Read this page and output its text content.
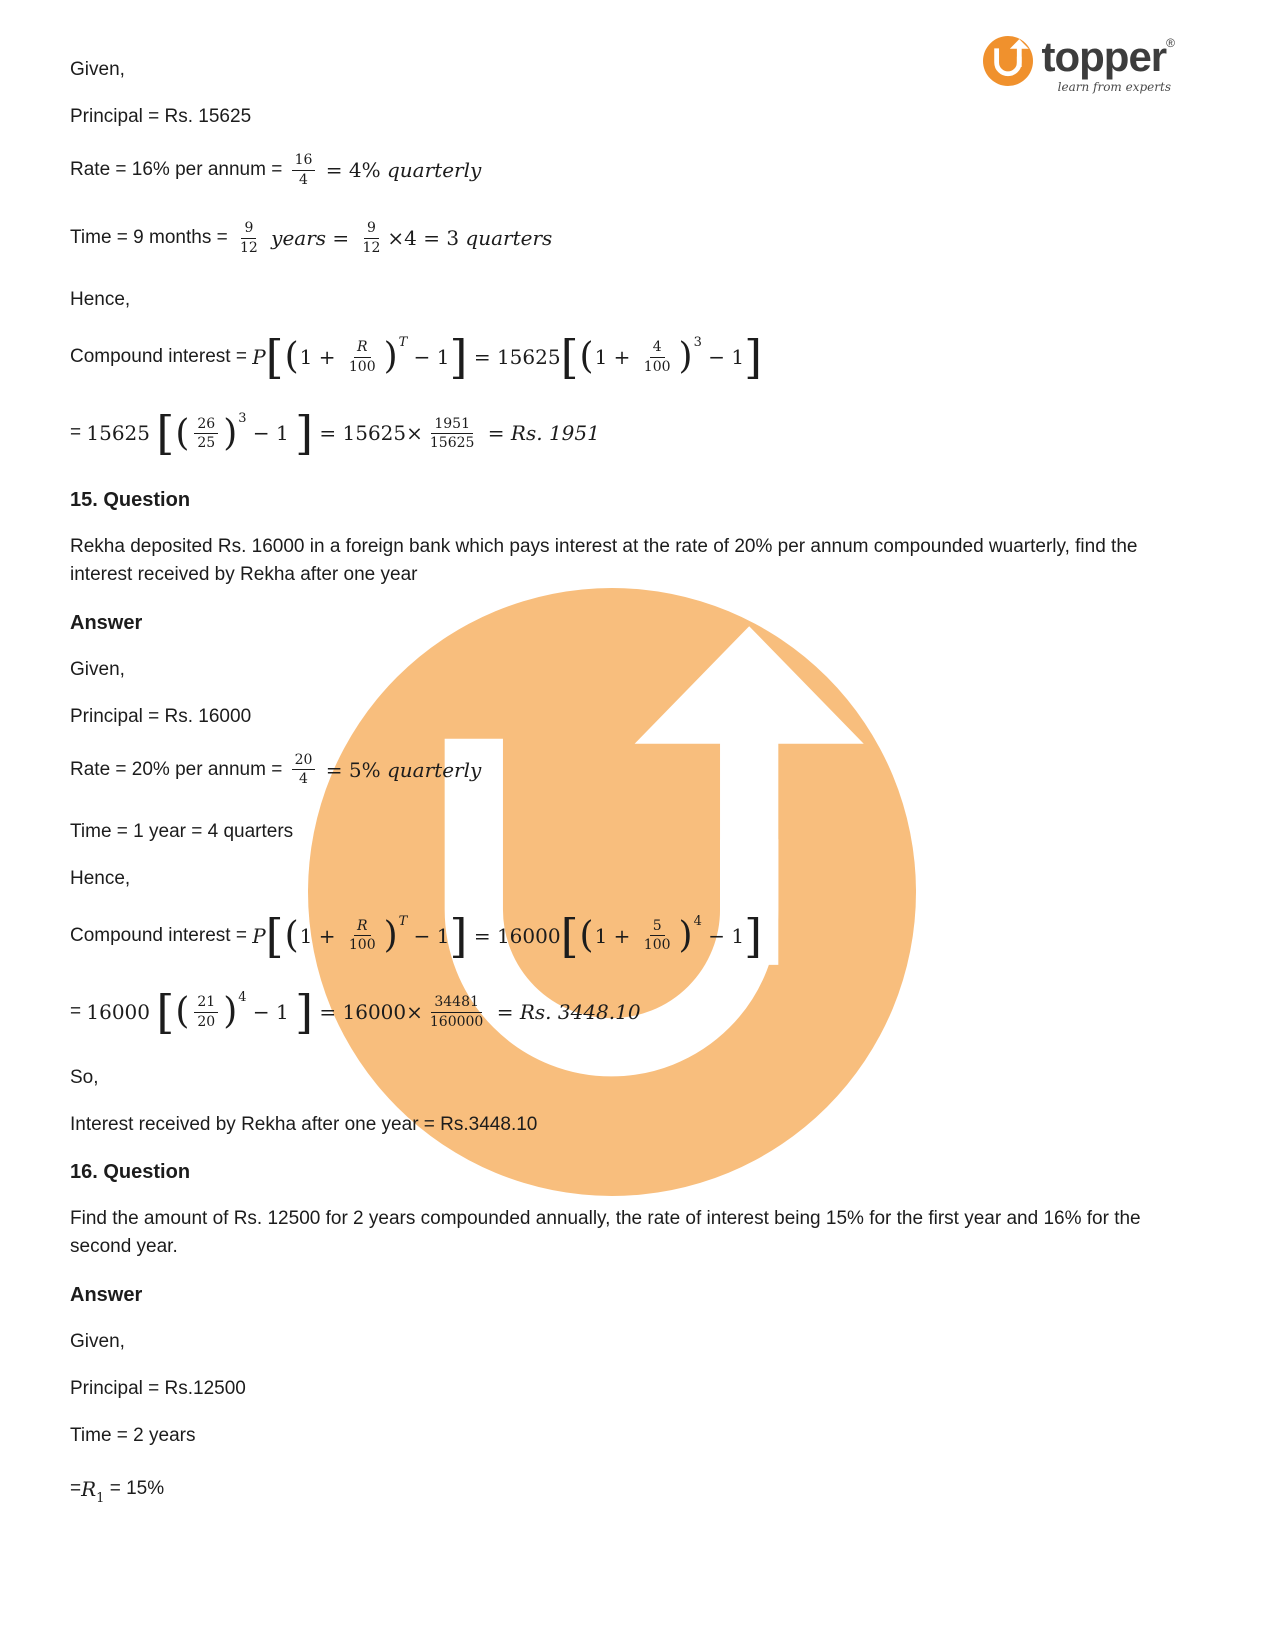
topper ®
learn from experts

Given,

Principal = Rs. 15625

Rate = 16% per annum = $\frac{16}{4} = 4\%$ quarterly
Time = 9 months = $\frac{9}{12}$ years = $\frac{9}{12} \times 4 = 3$ quarters

Hence,

Compound interest = P [ ( $1 + \frac{R}{100}$ ) T
− 1 ] = 15625 [ ( $1 + \frac{4}{100}$ ) 3
− 1 ]
= 15625 [ ( $\frac{26}{25}$ ) 3
− 1 ] = $15625\times \frac{1951}{15625} = Rs$. 1951
15. Question

Rekha deposited Rs. 16000 in a foreign bank which pays interest at the rate of 20% per annum compounded wuarterly, find the interest received by Rekha after one year

Answer

Given,

Principal = Rs. 16000

Rate = 20% per annum = $\frac{20}{4} = 5\%$ quarterly

Time = 1 year = 4 quarters

Hence,

Compound interest = P [ ( $1 + \frac{R}{100}$ ) T
− 1 ] = 16000 [ ( $1 + \frac{5}{100}$ ) 4
− 1 ]
= 16000 [ ( $\frac{21}{20}$ ) 4
− 1 ] = $16000\times \frac{34481}{160000} = Rs$. 3448.10

So,

Interest received by Rekha after one year = Rs.3448.10

16. Question

Find the amount of Rs. 12500 for 2 years compounded annually, the rate of interest being 15% for the first year and 16% for the second year.

Answer

Given,

Principal = Rs.12500

Time = 2 years

= R 1 = 15%
